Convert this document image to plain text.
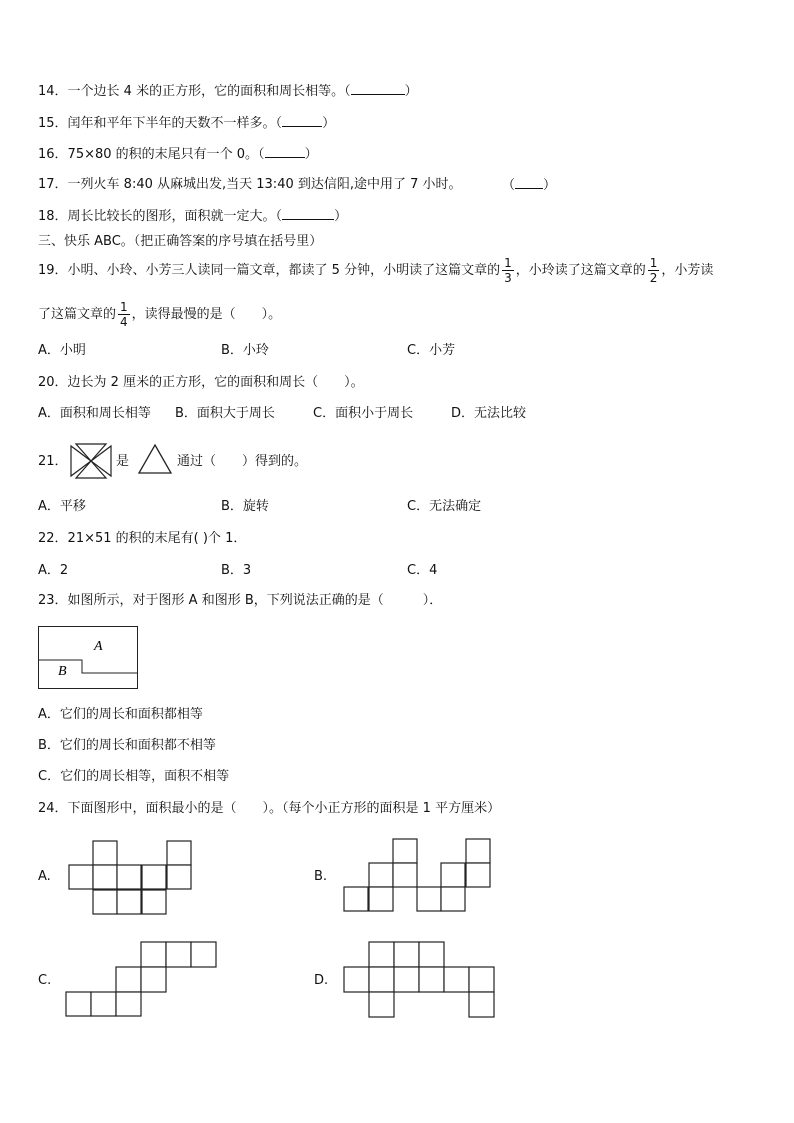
14．一个边长 4 米的正方形，它的面积和周长相等。（	）
15．闰年和平年下半年的天数不一样多。（	）
16．75×80 的积的末尾只有一个 0。（	）
17．一列火车 8:40 从麻城出发,当天 13:40 到达信阳,途中用了 7 小时。	（ ）
18．周长比较长的图形，面积就一定大。（	）
三、快乐 ABC。（把正确答案的序号填在括号里）
19．小明、小玲、小芳三人读同一篇文章，都读了 5 分钟，小明读了这篇文章的 $\frac{1}{3}$ ，小玲读了这篇文章的 $\frac{1}{2}$ ，小芳读
了这篇文章的 $\frac{1}{4}$ ，读得最慢的是（　　）。
A．小明	B．小玲	C．小芳
20．边长为 2 厘米的正方形，它的面积和周长（　　）。
A．面积和周长相等 B．面积大于周长	C．面积小于周长	D．无法比较
21．	是	通过（　　）得到的。
A．平移	B．旋转	C．无法确定
22．21×51 的积的末尾有( )个 1．
A．2	B．3	C．4
23．如图所示，对于图形 A 和图形 B，下列说法正确的是（　　　）．
A
B
A．它们的周长和面积都相等
B．它们的周长和面积都不相等
C．它们的周长相等，面积不相等
24．下面图形中，面积最小的是（　　）。（每个小正方形的面积是 1 平方厘米）
A.	B.
C.	D.
